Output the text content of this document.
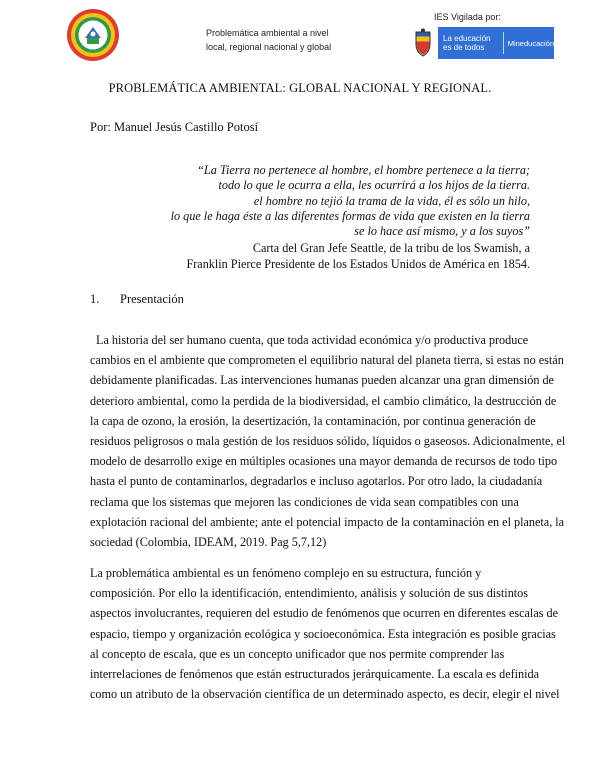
Problemática ambiental a nivel
local, regional nacional y global
IES Vigilada por:
La educación es de todos	Mineducación
PROBLEMÁTICA AMBIENTAL: GLOBAL NACIONAL Y REGIONAL.
Por: Manuel Jesús Castillo Potosí
“La Tierra no pertenece al hombre, el hombre pertenece a la tierra;
todo lo que le ocurra a ella, les ocurrirá a los hijos de la tierra.
el hombre no tejió la trama de la vida, él es sólo un hilo,
lo que le haga éste a las diferentes formas de vida que existen en la tierra
se lo hace así mismo, y a los suyos”
Carta del Gran Jefe Seattle, de la tribu de los Swamish, a
Franklin Pierce Presidente de los Estados Unidos de América en 1854.
1. Presentación
La historia del ser humano cuenta, que toda actividad económica y/o productiva produce
cambios en el ambiente que comprometen el equilibrio natural del planeta tierra, si estas no están
debidamente planificadas. Las intervenciones humanas pueden alcanzar una gran dimensión de
deterioro ambiental, como la perdida de la biodiversidad, el cambio climático, la destrucción de
la capa de ozono, la erosión, la desertización, la contaminación, por continua generación de
residuos peligrosos o mala gestión de los residuos sólido, líquidos o gaseosos. Adicionalmente, el
modelo de desarrollo exige en múltiples ocasiones una mayor demanda de recursos de todo tipo
hasta el punto de contaminarlos, degradarlos e incluso agotarlos. Por otro lado, la ciudadanía
reclama que los sistemas que mejoren las condiciones de vida sean compatibles con una
explotación racional del ambiente; ante el potencial impacto de la contaminación en el planeta, la
sociedad (Colombia, IDEAM, 2019. Pag 5,7,12)
La problemática ambiental es un fenómeno complejo en su estructura, función y
composición. Por ello la identificación, entendimiento, análisis y solución de sus distintos
aspectos involucrantes, requieren del estudio de fenómenos que ocurren en diferentes escalas de
espacio, tiempo y organización ecológica y socioeconómica. Esta integración es posible gracias
al concepto de escala, que es un concepto unificador que nos permite comprender las
interrelaciones de fenómenos que están estructurados jerárquicamente. La escala es definida
como un atributo de la observación científica de un determinado aspecto, es decir, elegir el nivel
